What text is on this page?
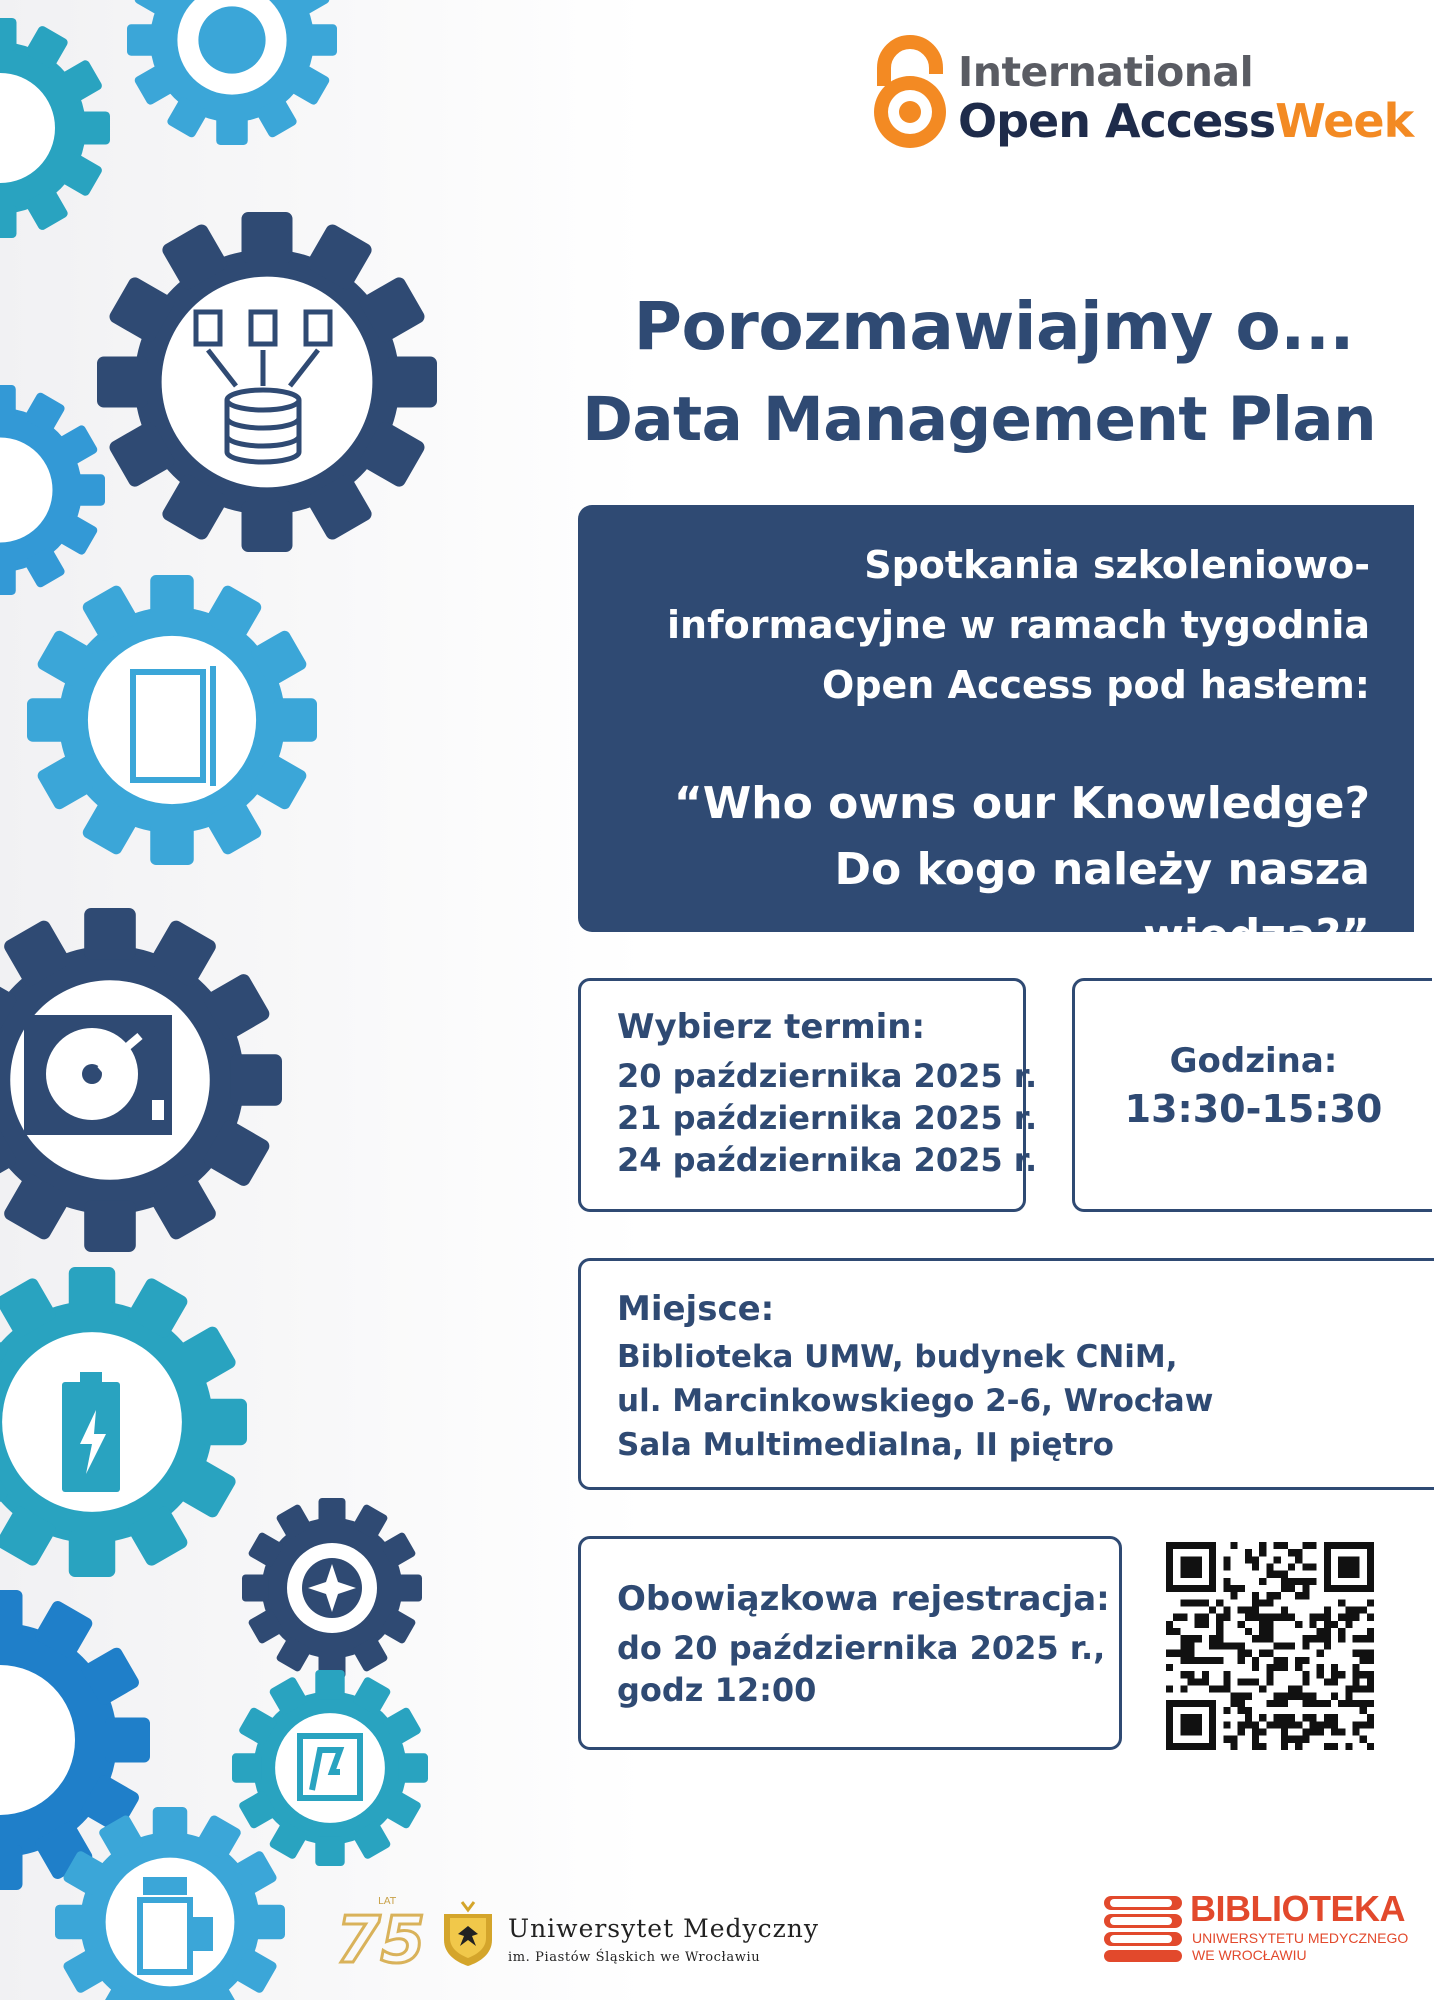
International
Open AccessWeek
Porozmawiajmy o...
Data Management Plan
Spotkania szkoleniowo-informacyjne w ramach tygodnia Open Access pod hasłem:
“Who owns our Knowledge?
Do kogo należy nasza wiedza?”
Wybierz termin:
20 października 2025 r.
21 października 2025 r.
24 października 2025 r.
Godzina:
13:30-15:30
Miejsce:
Biblioteka UMW, budynek CNiM,
ul. Marcinkowskiego 2-6, Wrocław
Sala Multimedialna, II piętro
Obowiązkowa rejestracja:
do 20 października 2025 r.,
godz 12:00
LAT
75	Uniwersytet Medyczny
im. Piastów Śląskich we Wrocławiu
BIBLIOTEKA
UNIWERSYTETU MEDYCZNEGO
WE WROCŁAWIU
